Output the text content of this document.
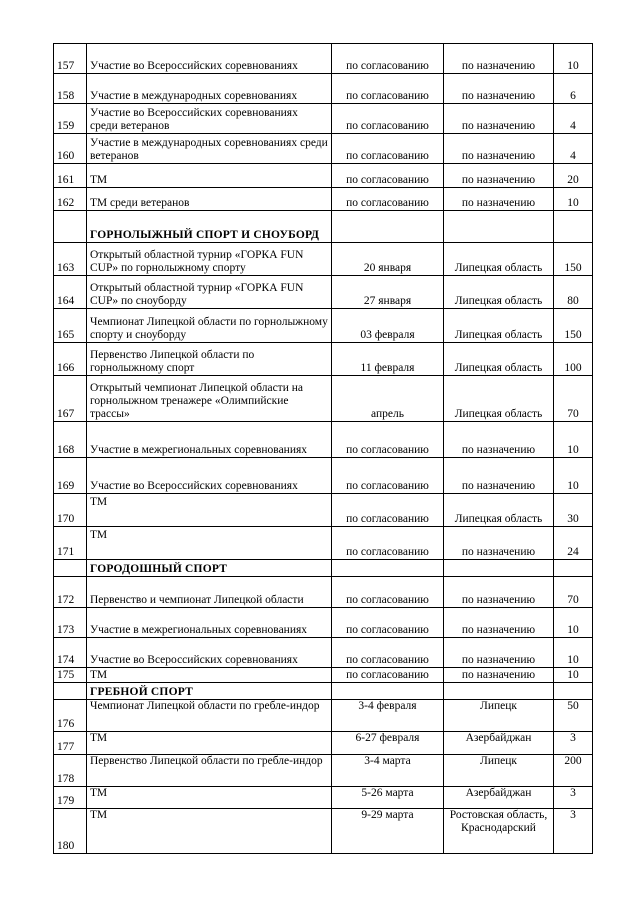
157	Участие во Всероссийских соревнованиях	по согласованию	по назначению	10
158	Участие в международных соревнованиях	по согласованию	по назначению	6
159	Участие во Всероссийских соревнованиях среди ветеранов	по согласованию	по назначению	4
160	Участие в международных соревнованиях среди ветеранов	по согласованию	по назначению	4
161	ТМ	по согласованию	по назначению	20
162	ТМ среди ветеранов	по согласованию	по назначению	10
	ГОРНОЛЫЖНЫЙ СПОРТ И СНОУБОРД			
163	Открытый областной турнир «ГОРКА FUN CUP» по горнолыжному спорту	20 января	Липецкая область	150
164	Открытый областной турнир «ГОРКА FUN CUP» по сноуборду	27 января	Липецкая область	80
165	Чемпионат Липецкой области по горнолыжному спорту и сноуборду	03 февраля	Липецкая область	150
166	Первенство Липецкой области по горнолыжному спорт	11 февраля	Липецкая область	100
167	Открытый чемпионат Липецкой области на горнолыжном тренажере «Олимпийские трассы»	апрель	Липецкая область	70
168	Участие в межрегиональных соревнованиях	по согласованию	по назначению	10
169	Участие во Всероссийских соревнованиях	по согласованию	по назначению	10
170	ТМ	по согласованию	Липецкая область	30
171	ТМ	по согласованию	по назначению	24
	ГОРОДОШНЫЙ СПОРТ			
172	Первенство и чемпионат Липецкой области	по согласованию	по назначению	70
173	Участие в межрегиональных соревнованиях	по согласованию	по назначению	10
174	Участие во Всероссийских соревнованиях	по согласованию	по назначению	10
175	ТМ	по согласованию	по назначению	10
	ГРЕБНОЙ СПОРТ			
176	Чемпионат Липецкой области по гребле-индор	3-4 февраля	Липецк	50
177	ТМ	6-27 февраля	Азербайджан	3
178	Первенство Липецкой области по гребле-индор	3-4 марта	Липецк	200
179	ТМ	5-26 марта	Азербайджан	3
180	ТМ	9-29 марта	Ростовская область, Краснодарский	3
